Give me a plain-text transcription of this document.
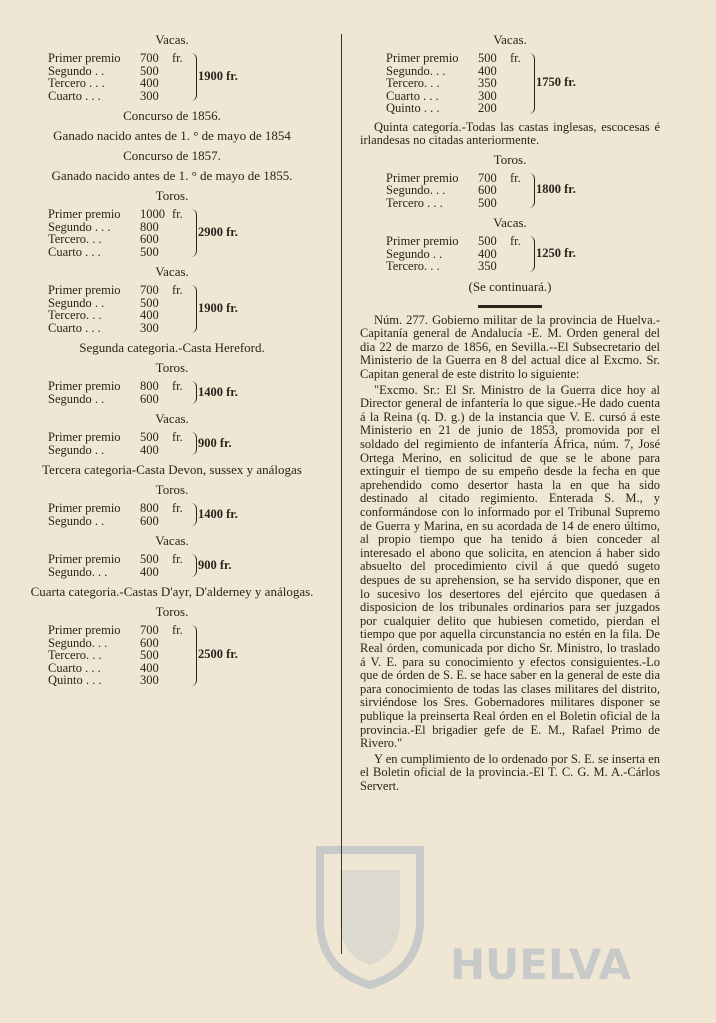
Vacas.

Primer premio 700 fr.
Segundo . .	500
Tercero . . .	400
Cuarto . . .	300
1900 fr.

Concurso de 1856.

Ganado nacido antes de 1. ° de mayo de 1854

Concurso de 1857.

Ganado nacido antes de 1. ° de mayo de 1855.

Toros.

Primer premio 1000 fr.
Segundo . . . 800
Tercero. . .	600
Cuarto . . .	500
2900 fr.

Vacas.

Primer premio 700 fr.
Segundo . .	500
Tercero. . .	400
Cuarto . . .	300
1900 fr.

Segunda categoria.-Casta Hereford.

Toros.

Primer premio 800 fr.
Segundo . .	600	1400 fr.

Vacas.

Primer premio 500 fr.
Segundo . .	400	900 fr.

Tercera categoria-Casta Devon, sussex y análogas

Toros.

Primer premio 800 fr.
Segundo . .	600	1400 fr.

Vacas.

Primer premio 500 fr.
Segundo. . .	400	900 fr.

Cuarta categoria.-Castas D'ayr, D'alderney y análogas.

Toros.

Primer premio 700 fr.
Segundo. . .	600
Tercero. . .	500
Cuarto . . .	400
Quinto . . .	300
2500 fr.

Vacas.

Primer premio 500 fr.
Segundo. . .	400
Tercero. . .	350
Cuarto . . .	300
Quinto . . .	200
1750 fr.

Quinta categoría.-Todas las castas inglesas, escocesas é irlandesas no citadas anteriormente.

Toros.

Primer premio 700 fr.
Segundo. . .	600
Tercero . . .	500
1800 fr.

Vacas.

Primer premio 500 fr.
Segundo . .	400
Tercero. . .	350
1250 fr.

(Se continuará.)

Núm. 277. Gobierno militar de la provincia de Huelva.-Capitanía general de Andalucía -E. M. Orden general del dia 22 de marzo de 1856, en Sevilla.--El Subsecretario del Ministerio de la Guerra en 8 del actual dice al Excmo. Sr. Capitan general de este distrito lo siguiente:

"Excmo. Sr.: El Sr. Ministro de la Guerra dice hoy al Director general de infantería lo que sigue.-He dado cuenta á la Reina (q. D. g.) de la instancia que V. E. cursó á este Ministerio en 21 de junio de 1853, promovida por el soldado del regimiento de infantería África, núm. 7, José Ortega Merino, en solicitud de que se le abone para extinguir el tiempo de su empeño desde la fecha en que aprehendido como desertor hasta la en que ha sido destinado al citado regimiento. Enterada S. M., y conformándose con lo informado por el Tribunal Supremo de Guerra y Marina, en su acordada de 14 de enero último, al propio tiempo que ha tenido á bien conceder al interesado el abono que solicita, en atencion á haber sido absuelto del procedimiento civil á que quedó sugeto despues de su aprehension, se ha servido disponer, que en lo sucesivo los desertores del ejército que quedasen á disposicion de los tribunales ordinarios para ser juzgados por cualquier delito que hubiesen cometido, pierdan el tiempo que por aquella circunstancia no estén en la fila. De Real órden, comunicada por dicho Sr. Ministro, lo traslado á V. E. para su conocimiento y efectos consiguientes.-Lo que de órden de S. E. se hace saber en la general de este dia para conocimiento de todas las clases militares del distrito, sirviéndose los Sres. Gobernadores militares disponer se publique la preinserta Real órden en el Boletin oficial de la provincia.-El brigadier gefe de E. M., Rafael Primo de Rivero."

Y en cumplimiento de lo ordenado por S. E. se inserta en el Boletin oficial de la provincia.-El T. C. G. M. A.-Cárlos Servert.

HUELVA
